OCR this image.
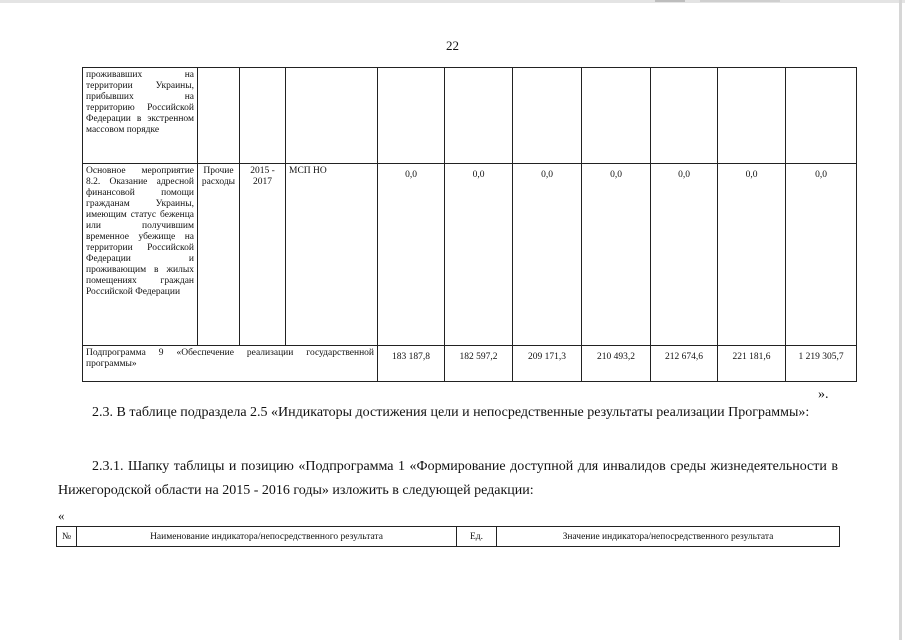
22
проживавших на территории Украины, прибывших на территорию Российской Федерации в экстренном массовом порядке										
Основное мероприятие 8.2. Оказание адресной финансовой помощи гражданам Украины, имеющим статус беженца или получившим временное убежище на территории Российской Федерации и проживающим в жилых помещениях граждан Российской Федерации	Прочие расходы	2015 - 2017	МСП НО	0,0	0,0	0,0	0,0	0,0	0,0	0,0
Подпрограмма 9 «Обеспечение реализации государственной программы»				183 187,8	182 597,2	209 171,3	210 493,2	212 674,6	221 181,6	1 219 305,7
».
2.3. В таблице подраздела 2.5 «Индикаторы достижения цели и непосредственные результаты реализации Программы»:
2.3.1. Шапку таблицы и позицию «Подпрограмма 1 «Формирование доступной для инвалидов среды жизнедеятельности в Нижегородской области на 2015 - 2016 годы» изложить в следующей редакции:
«
№	Наименование индикатора/непосредственного результата	Ед.	Значение индикатора/непосредственного результата
